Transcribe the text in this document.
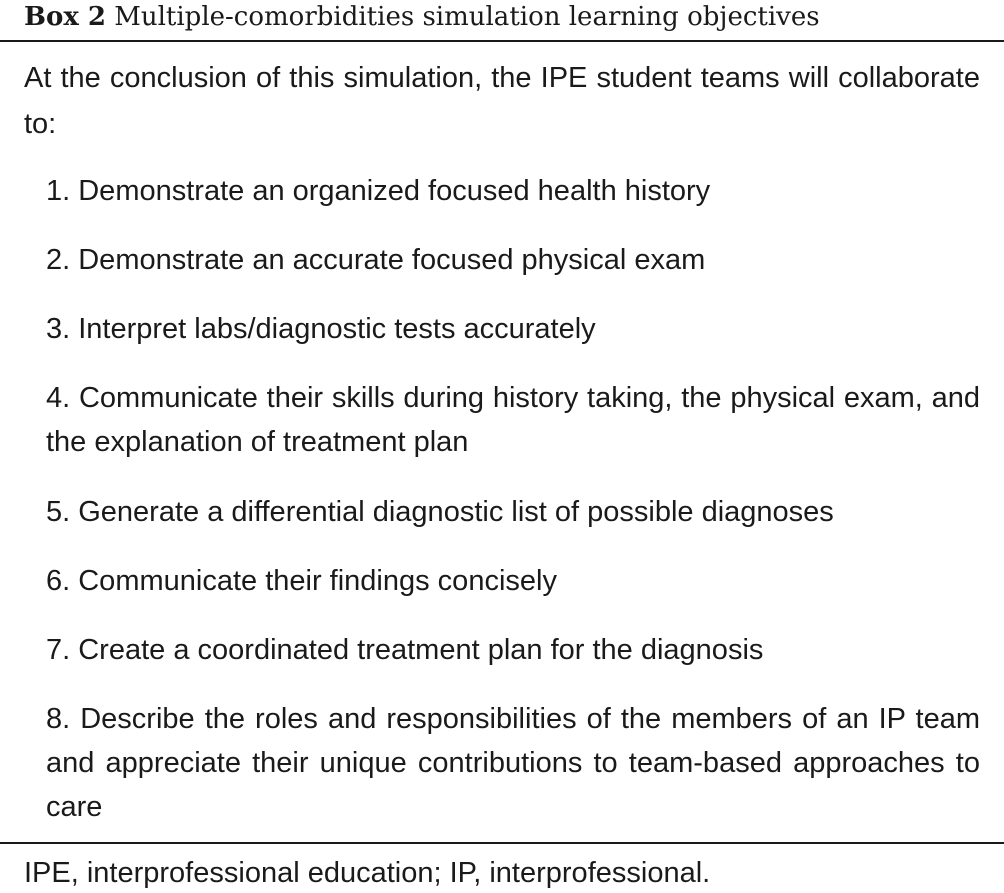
Box 2 Multiple-comorbidities simulation learning objectives
At the conclusion of this simulation, the IPE student teams will collaborate to:
1. Demonstrate an organized focused health history
2. Demonstrate an accurate focused physical exam
3. Interpret labs/diagnostic tests accurately
4. Communicate their skills during history taking, the physical exam, and the explanation of treatment plan
5. Generate a differential diagnostic list of possible diagnoses
6. Communicate their findings concisely
7. Create a coordinated treatment plan for the diagnosis
8. Describe the roles and responsibilities of the members of an IP team and appreciate their unique contributions to team-based approaches to care
IPE, interprofessional education; IP, interprofessional.
